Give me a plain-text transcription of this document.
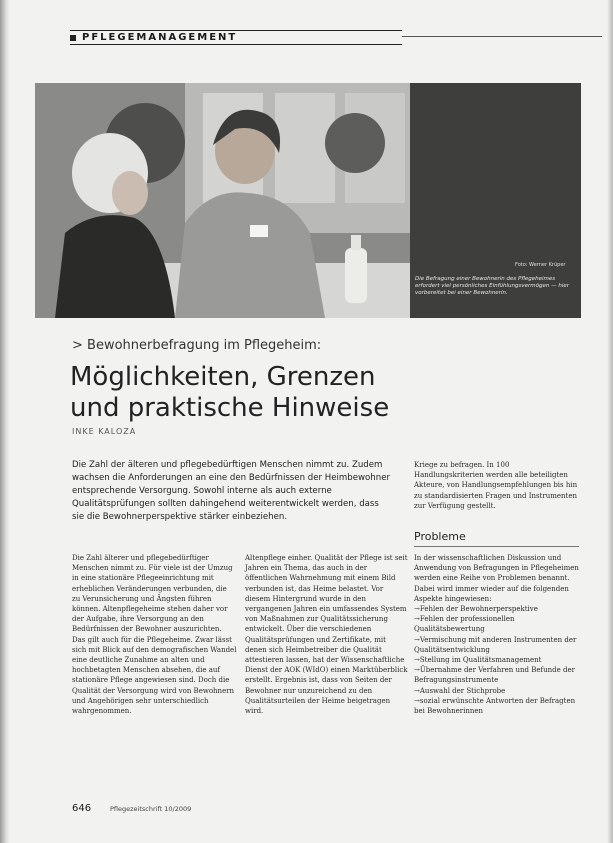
PFLEGEMANAGEMENT
Foto: Werner Krüper
Die Befragung einer Bewohnerin des Pflegeheimes erfordert viel persönliches Einfühlungsvermögen — hier vorbereitet bei einer Bewohnerin.
> Bewohnerbefragung im Pflegeheim:
Möglichkeiten, Grenzen und praktische Hinweise
INKE KALOZA
Die Zahl der älteren und pflegebedürftigen Menschen nimmt zu. Zudem wachsen die Anforderungen an eine den Bedürfnissen der Heimbewohner entsprechende Versorgung. Sowohl interne als auch externe Qualitätsprüfungen sollten dahingehend weiterentwickelt werden, dass sie die Bewohnerperspektive stärker einbeziehen.
Kriege zu befragen. In 100 Handlungskriterien werden alle beteiligten Akteure, von Handlungsempfehlungen bis hin zu standardisierten Fragen und Instrumenten zur Verfügung gestellt.
Probleme
Die Zahl älterer und pflegebedürftiger Menschen nimmt zu. Für viele ist der Umzug in eine stationäre Pflegeeinrichtung mit erheblichen Veränderungen verbunden, die zu Verunsicherung und Ängsten führen können. Altenpflegeheime stehen daher vor der Aufgabe, ihre Versorgung an den Bedürfnissen der Bewohner auszurichten. Das gilt auch für die Pflegeheime. Zwar lässt sich mit Blick auf den demografischen Wandel eine deutliche Zunahme an alten und hochbetagten Menschen absehen, die auf stationäre Pflege angewiesen sind. Doch die Qualität der Versorgung wird von Bewohnern und Angehörigen sehr unterschiedlich wahrgenommen.
Altenpflege einher. Qualität der Pflege ist seit Jahren ein Thema, das auch in der öffentlichen Wahrnehmung mit einem Bild verbunden ist, das Heime belastet. Vor diesem Hintergrund wurde in den vergangenen Jahren ein umfassendes System von Maßnahmen zur Qualitätssicherung entwickelt. Über die verschiedenen Qualitätsprüfungen und Zertifikate, mit denen sich Heimbetreiber die Qualität attestieren lassen, hat der Wissenschaftliche Dienst der AOK (WIdO) einen Marktüberblick erstellt. Ergebnis ist, dass von Seiten der Bewohner nur unzureichend zu den Qualitätsurteilen der Heime beigetragen wird.
In der wissenschaftlichen Diskussion und Anwendung von Befragungen in Pflegeheimen werden eine Reihe von Problemen benannt. Dabei wird immer wieder auf die folgenden Aspekte hingewiesen:
→ Fehlen der Bewohnerperspektive
→ Fehlen der professionellen Qualitätsbewertung
→ Vermischung mit anderen Instrumenten der Qualitätsentwicklung
→ Stellung im Qualitätsmanagement
→ Übernahme der Verfahren und Befunde der Befragungsinstrumente
→ Auswahl der Stichprobe
→ sozial erwünschte Antworten der Befragten bei Bewohnerinnen
646	Pflegezeitschrift 10/2009
